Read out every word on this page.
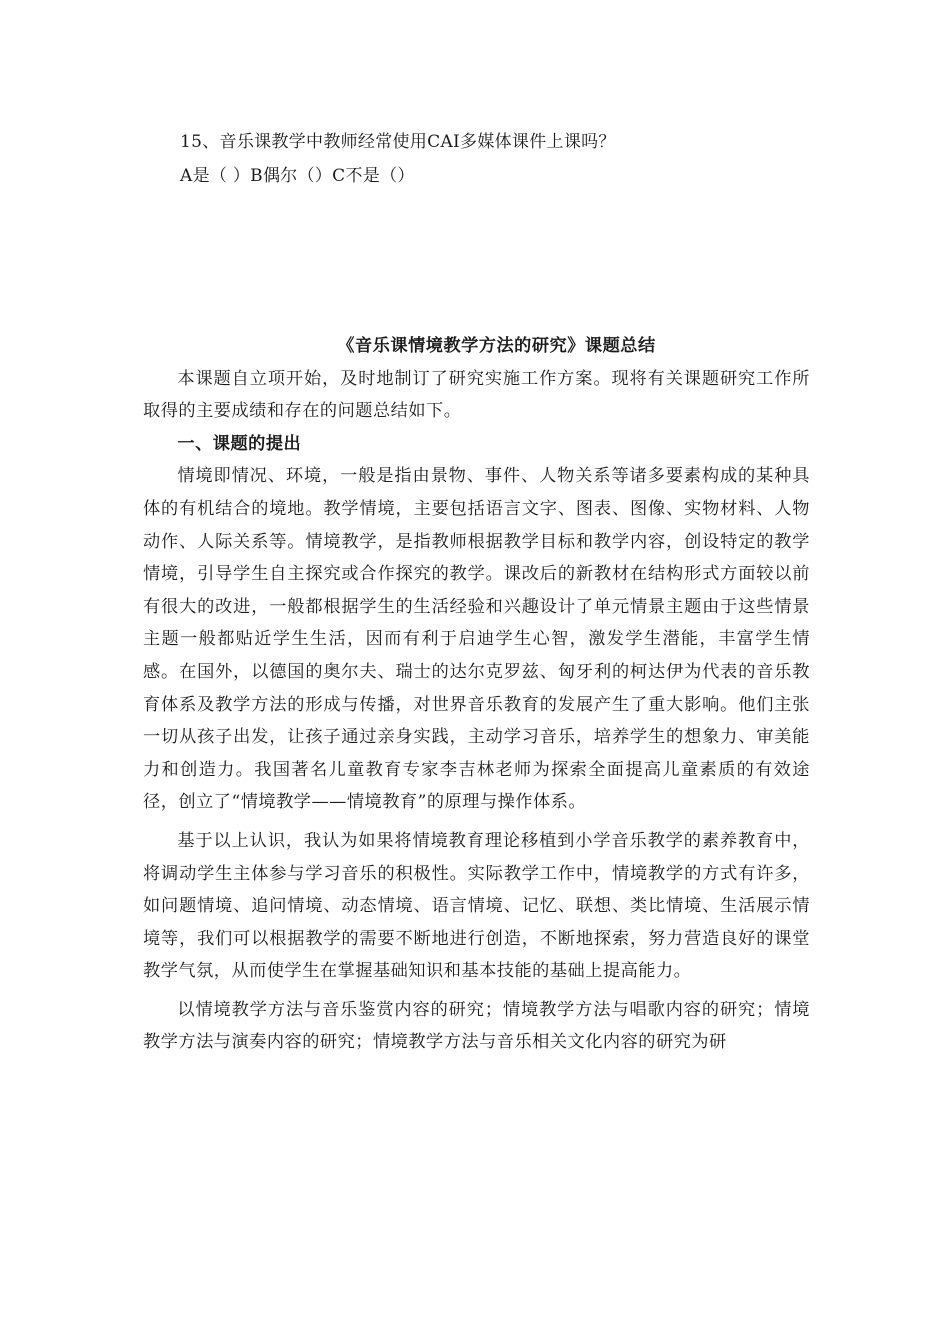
15、音乐课教学中教师经常使用CAI多媒体课件上课吗？

A是（ ）B偶尔（）C不是（）

《音乐课情境教学方法的研究》课题总结

本课题自立项开始，及时地制订了研究实施工作方案。现将有关课题研究工作所取得的主要成绩和存在的问题总结如下。

一、课题的提出

情境即情况、环境，一般是指由景物、事件、人物关系等诸多要素构成的某种具体的有机结合的境地。教学情境，主要包括语言文字、图表、图像、实物材料、人物动作、人际关系等。情境教学，是指教师根据教学目标和教学内容，创设特定的教学情境，引导学生自主探究或合作探究的教学。课改后的新教材在结构形式方面较以前有很大的改进，一般都根据学生的生活经验和兴趣设计了单元情景主题由于这些情景主题一般都贴近学生生活，因而有利于启迪学生心智，激发学生潜能，丰富学生情感。在国外，以德国的奥尔夫、瑞士的达尔克罗兹、匈牙利的柯达伊为代表的音乐教育体系及教学方法的形成与传播，对世界音乐教育的发展产生了重大影响。他们主张一切从孩子出发，让孩子通过亲身实践，主动学习音乐，培养学生的想象力、审美能力和创造力。我国著名儿童教育专家李吉林老师为探索全面提高儿童素质的有效途径，创立了“情境教学——情境教育”的原理与操作体系。

基于以上认识，我认为如果将情境教育理论移植到小学音乐教学的素养教育中，将调动学生主体参与学习音乐的积极性。实际教学工作中，情境教学的方式有许多，如问题情境、追问情境、动态情境、语言情境、记忆、联想、类比情境、生活展示情境等，我们可以根据教学的需要不断地进行创造，不断地探索，努力营造良好的课堂教学气氛，从而使学生在掌握基础知识和基本技能的基础上提高能力。

以情境教学方法与音乐鉴赏内容的研究；情境教学方法与唱歌内容的研究；情境教学方法与演奏内容的研究；情境教学方法与音乐相关文化内容的研究为研
